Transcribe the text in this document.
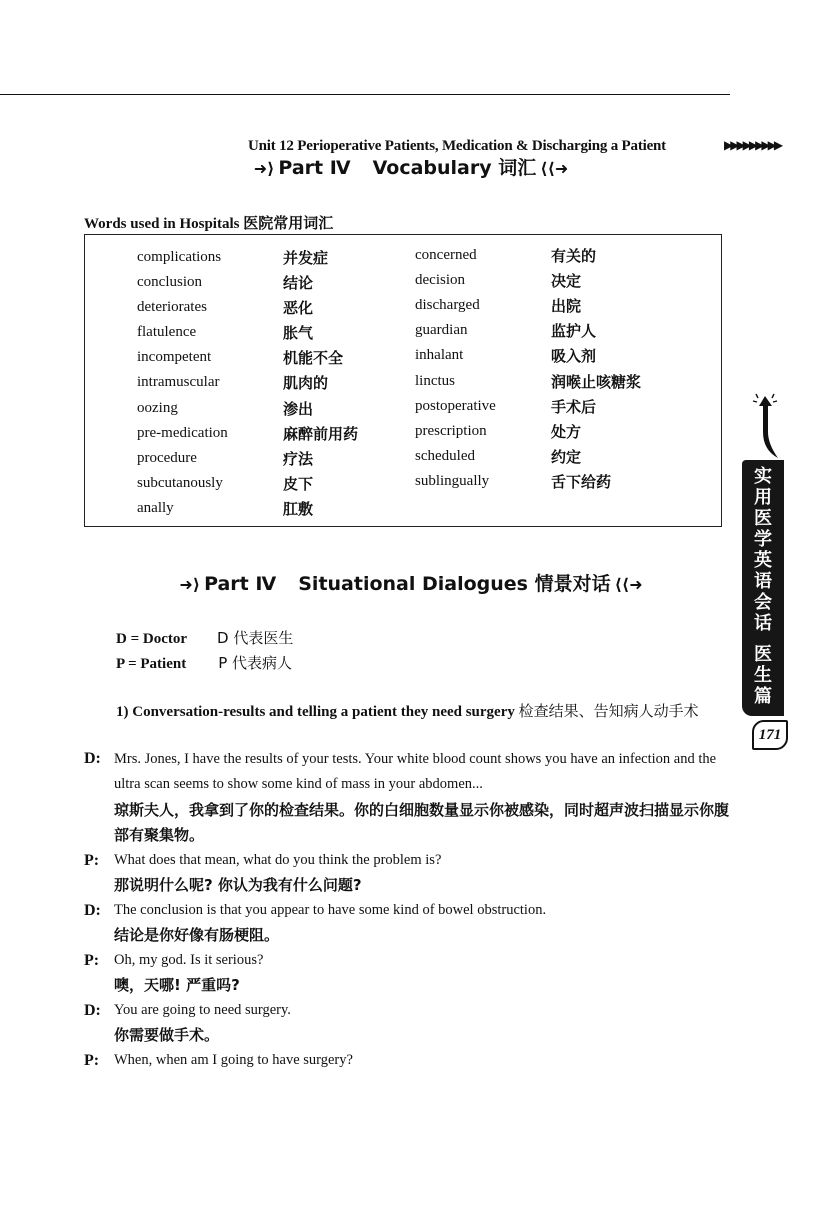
Unit 12 Perioperative Patients, Medication & Discharging a Patient	▶▶▶▶▶▶▶▶▶
➜⟩ Part Ⅳ Vocabulary 词汇 ⟨⟨➜
Words used in Hospitals 医院常用词汇
complications	并发症
conclusion	结论
deteriorates	恶化
flatulence	胀气
incompetent	机能不全
intramuscular	肌肉的
oozing	渗出
pre-medication	麻醉前用药
procedure	疗法
subcutanously	皮下
anally	肛敷
concerned	有关的
decision	决定
discharged	出院
guardian	监护人
inhalant	吸入剂
linctus	润喉止咳糖浆
postoperative	手术后
prescription	处方
scheduled	约定
sublingually	舌下给药
➜⟩ Part Ⅳ Situational Dialogues 情景对话 ⟨⟨➜
D = Doctor D 代表医生
P = Patient P 代表病人
1) Conversation-results and telling a patient they need surgery 检查结果、告知病人动手术
D: Mrs. Jones, I have the results of your tests. Your white blood count shows you have an infection and the ultra scan seems to show some kind of mass in your abdomen...
琼斯夫人，我拿到了你的检查结果。你的白细胞数量显示你被感染，同时超声波扫描显示你腹部有聚集物。
P: What does that mean, what do you think the problem is?
那说明什么呢? 你认为我有什么问题?
D: The conclusion is that you appear to have some kind of bowel obstruction.
结论是你好像有肠梗阻。
P: Oh, my god. Is it serious?
噢，天哪! 严重吗?
D: You are going to need surgery.
你需要做手术。
P: When, when am I going to have surgery?
实用医学英语会话
医生篇
171
